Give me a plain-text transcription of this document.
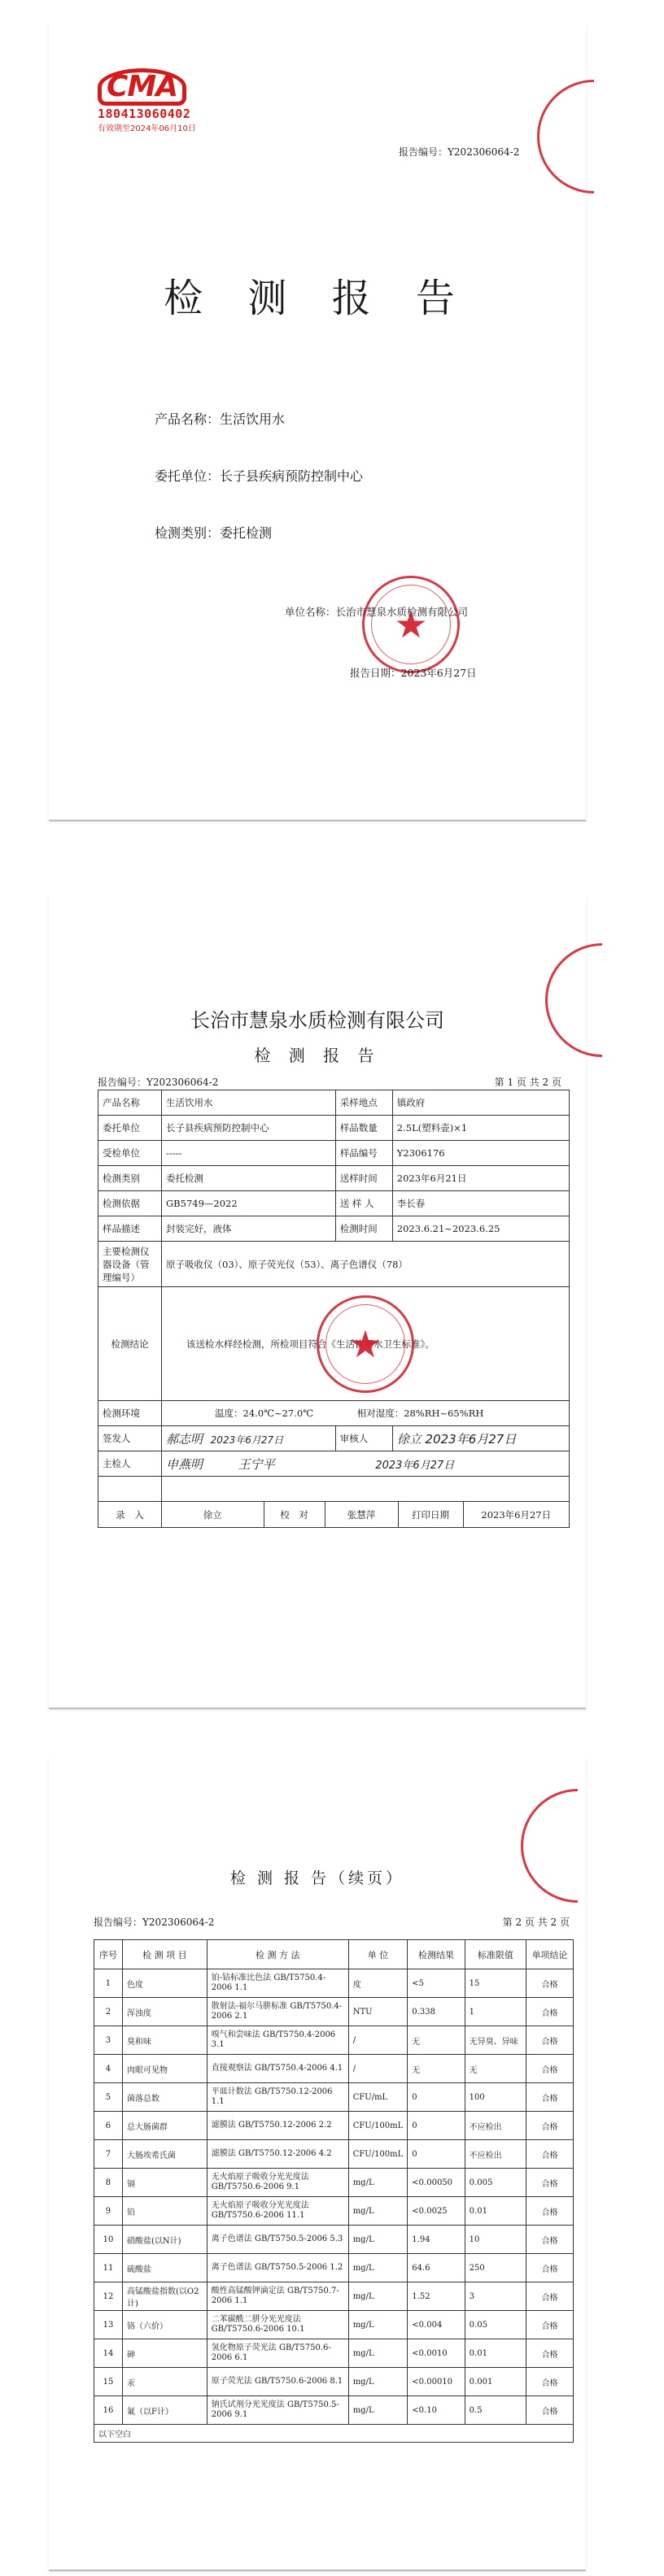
CMA
180413060402
有效期至2024年06月10日
报告编号：Y202306064-2
检 测 报 告
产品名称：生活饮用水
委托单位：长子县疾病预防控制中心
检测类别：委托检测
★
单位名称：长治市慧泉水质检测有限公司
报告日期：2023年6月27日
长治市慧泉水质检测有限公司
检 测 报 告
报告编号：Y202306064-2	第 1 页 共 2 页
产品名称	生活饮用水	采样地点	镇政府
委托单位	长子县疾病预防控制中心	样品数量	2.5L(塑料壶)×1
受检单位	-----	样品编号	Y2306176
检测类别	委托检测	送样时间	2023年6月21日
检测依据	GB5749—2022	送 样 人	李长春
样品描述	封装完好，液体	检测时间	2023.6.21~2023.6.25
主要检测仪器设备（管理编号）	原子吸收仪（03）、原子荧光仪（53）、离子色谱仪（78）
检测结论	该送检水样经检测，所检项目符合《生活饮用水卫生标准》。
★

检测环境	温度：24.0℃~27.0℃	相对湿度：28%RH~65%RH
签发人	郝志明 2023年6月27日	审核人	徐立 2023年6月27日
主检人	申燕明	王宁平	2023年6月27日

录　入		徐立	校　对	张慧萍	打印日期	2023年6月27日
检 测 报 告（续页）
报告编号：Y202306064-2	第 2 页 共 2 页
序号	检 测 项 目	检 测 方 法	单 位	检测结果	标准限值	单项结论
1	色度	铂-钴标准比色法 GB/T5750.4-2006 1.1	度	<5	15	合格
2	浑浊度	散射法-福尔马肼标准 GB/T5750.4-2006 2.1	NTU	0.338	1	合格
3	臭和味	嗅气和尝味法 GB/T5750.4-2006 3.1	/	无	无异臭、异味	合格
4	肉眼可见物	直接观察法 GB/T5750.4-2006 4.1	/	无	无	合格
5	菌落总数	平皿计数法 GB/T5750.12-2006 1.1	CFU/mL	0	100	合格
6	总大肠菌群	滤膜法 GB/T5750.12-2006 2.2	CFU/100mL	0	不应检出	合格
7	大肠埃希氏菌	滤膜法 GB/T5750.12-2006 4.2	CFU/100mL	0	不应检出	合格
8	镉	无火焰原子吸收分光光度法 GB/T5750.6-2006 9.1	mg/L	<0.00050	0.005	合格
9	铅	无火焰原子吸收分光光度法 GB/T5750.6-2006 11.1	mg/L	<0.0025	0.01	合格
10	硝酸盐(以N计)	离子色谱法 GB/T5750.5-2006 5.3	mg/L	1.94	10	合格
11	硫酸盐	离子色谱法 GB/T5750.5-2006 1.2	mg/L	64.6	250	合格
12	高锰酸盐指数(以O2计)	酸性高锰酸钾滴定法 GB/T5750.7-2006 1.1	mg/L	1.52	3	合格
13	铬（六价）	二苯碳酰二肼分光光度法 GB/T5750.6-2006 10.1	mg/L	<0.004	0.05	合格
14	砷	氢化物原子荧光法 GB/T5750.6-2006 6.1	mg/L	<0.0010	0.01	合格
15	汞	原子荧光法 GB/T5750.6-2006 8.1	mg/L	<0.00010	0.001	合格
16	氟（以F计）	钠氏试剂分光光度法 GB/T5750.5-2006 9.1	mg/L	<0.10	0.5	合格
以下空白						
